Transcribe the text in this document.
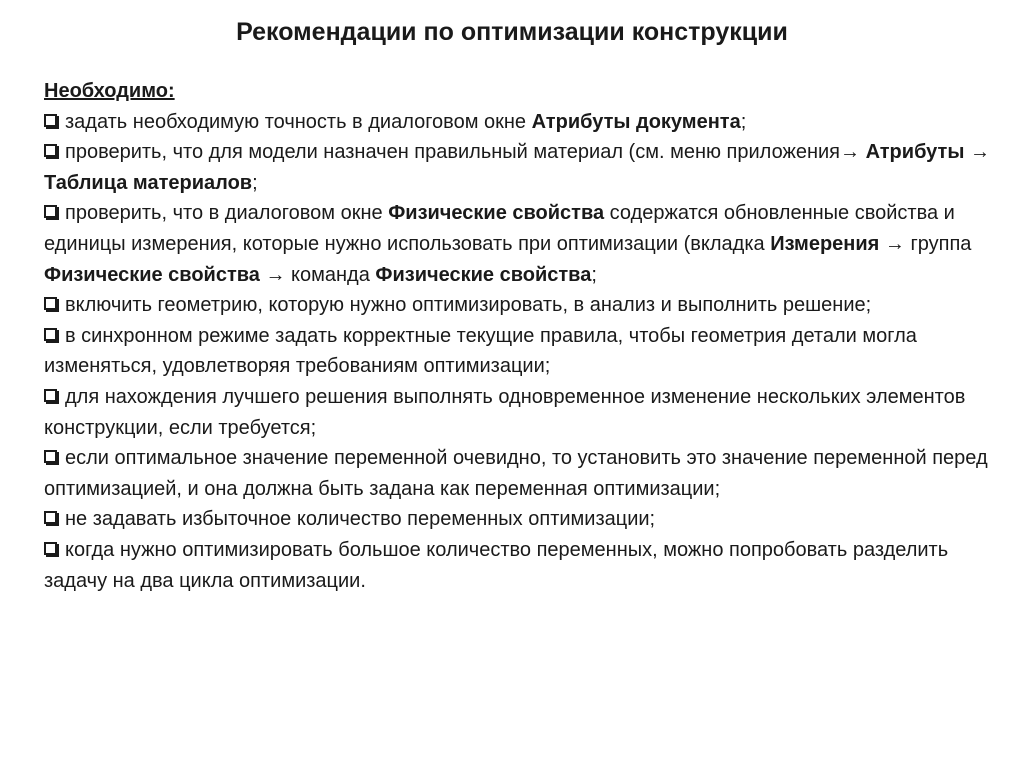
Рекомендации по оптимизации конструкции

Необходимо:

задать необходимую точность в диалоговом окне Атрибуты документа;

проверить, что для модели назначен правильный материал (см. меню приложения→ Атрибуты → Таблица материалов;

проверить, что в диалоговом окне Физические свойства содержатся обновленные свойства и единицы измерения, которые нужно использовать при оптимизации (вкладка Измерения → группа Физические свойства → команда Физические свойства;

включить геометрию, которую нужно оптимизировать, в анализ и выполнить решение;

в синхронном режиме задать корректные текущие правила, чтобы геометрия детали могла изменяться, удовлетворяя требованиям оптимизации;

для нахождения лучшего решения выполнять одновременное изменение нескольких элементов конструкции, если требуется;

если оптимальное значение переменной очевидно, то установить это значение переменной перед оптимизацией, и она должна быть задана как переменная оптимизации;

не задавать избыточное количество переменных оптимизации;

когда нужно оптимизировать большое количество переменных, можно попробовать разделить задачу на два цикла оптимизации.
